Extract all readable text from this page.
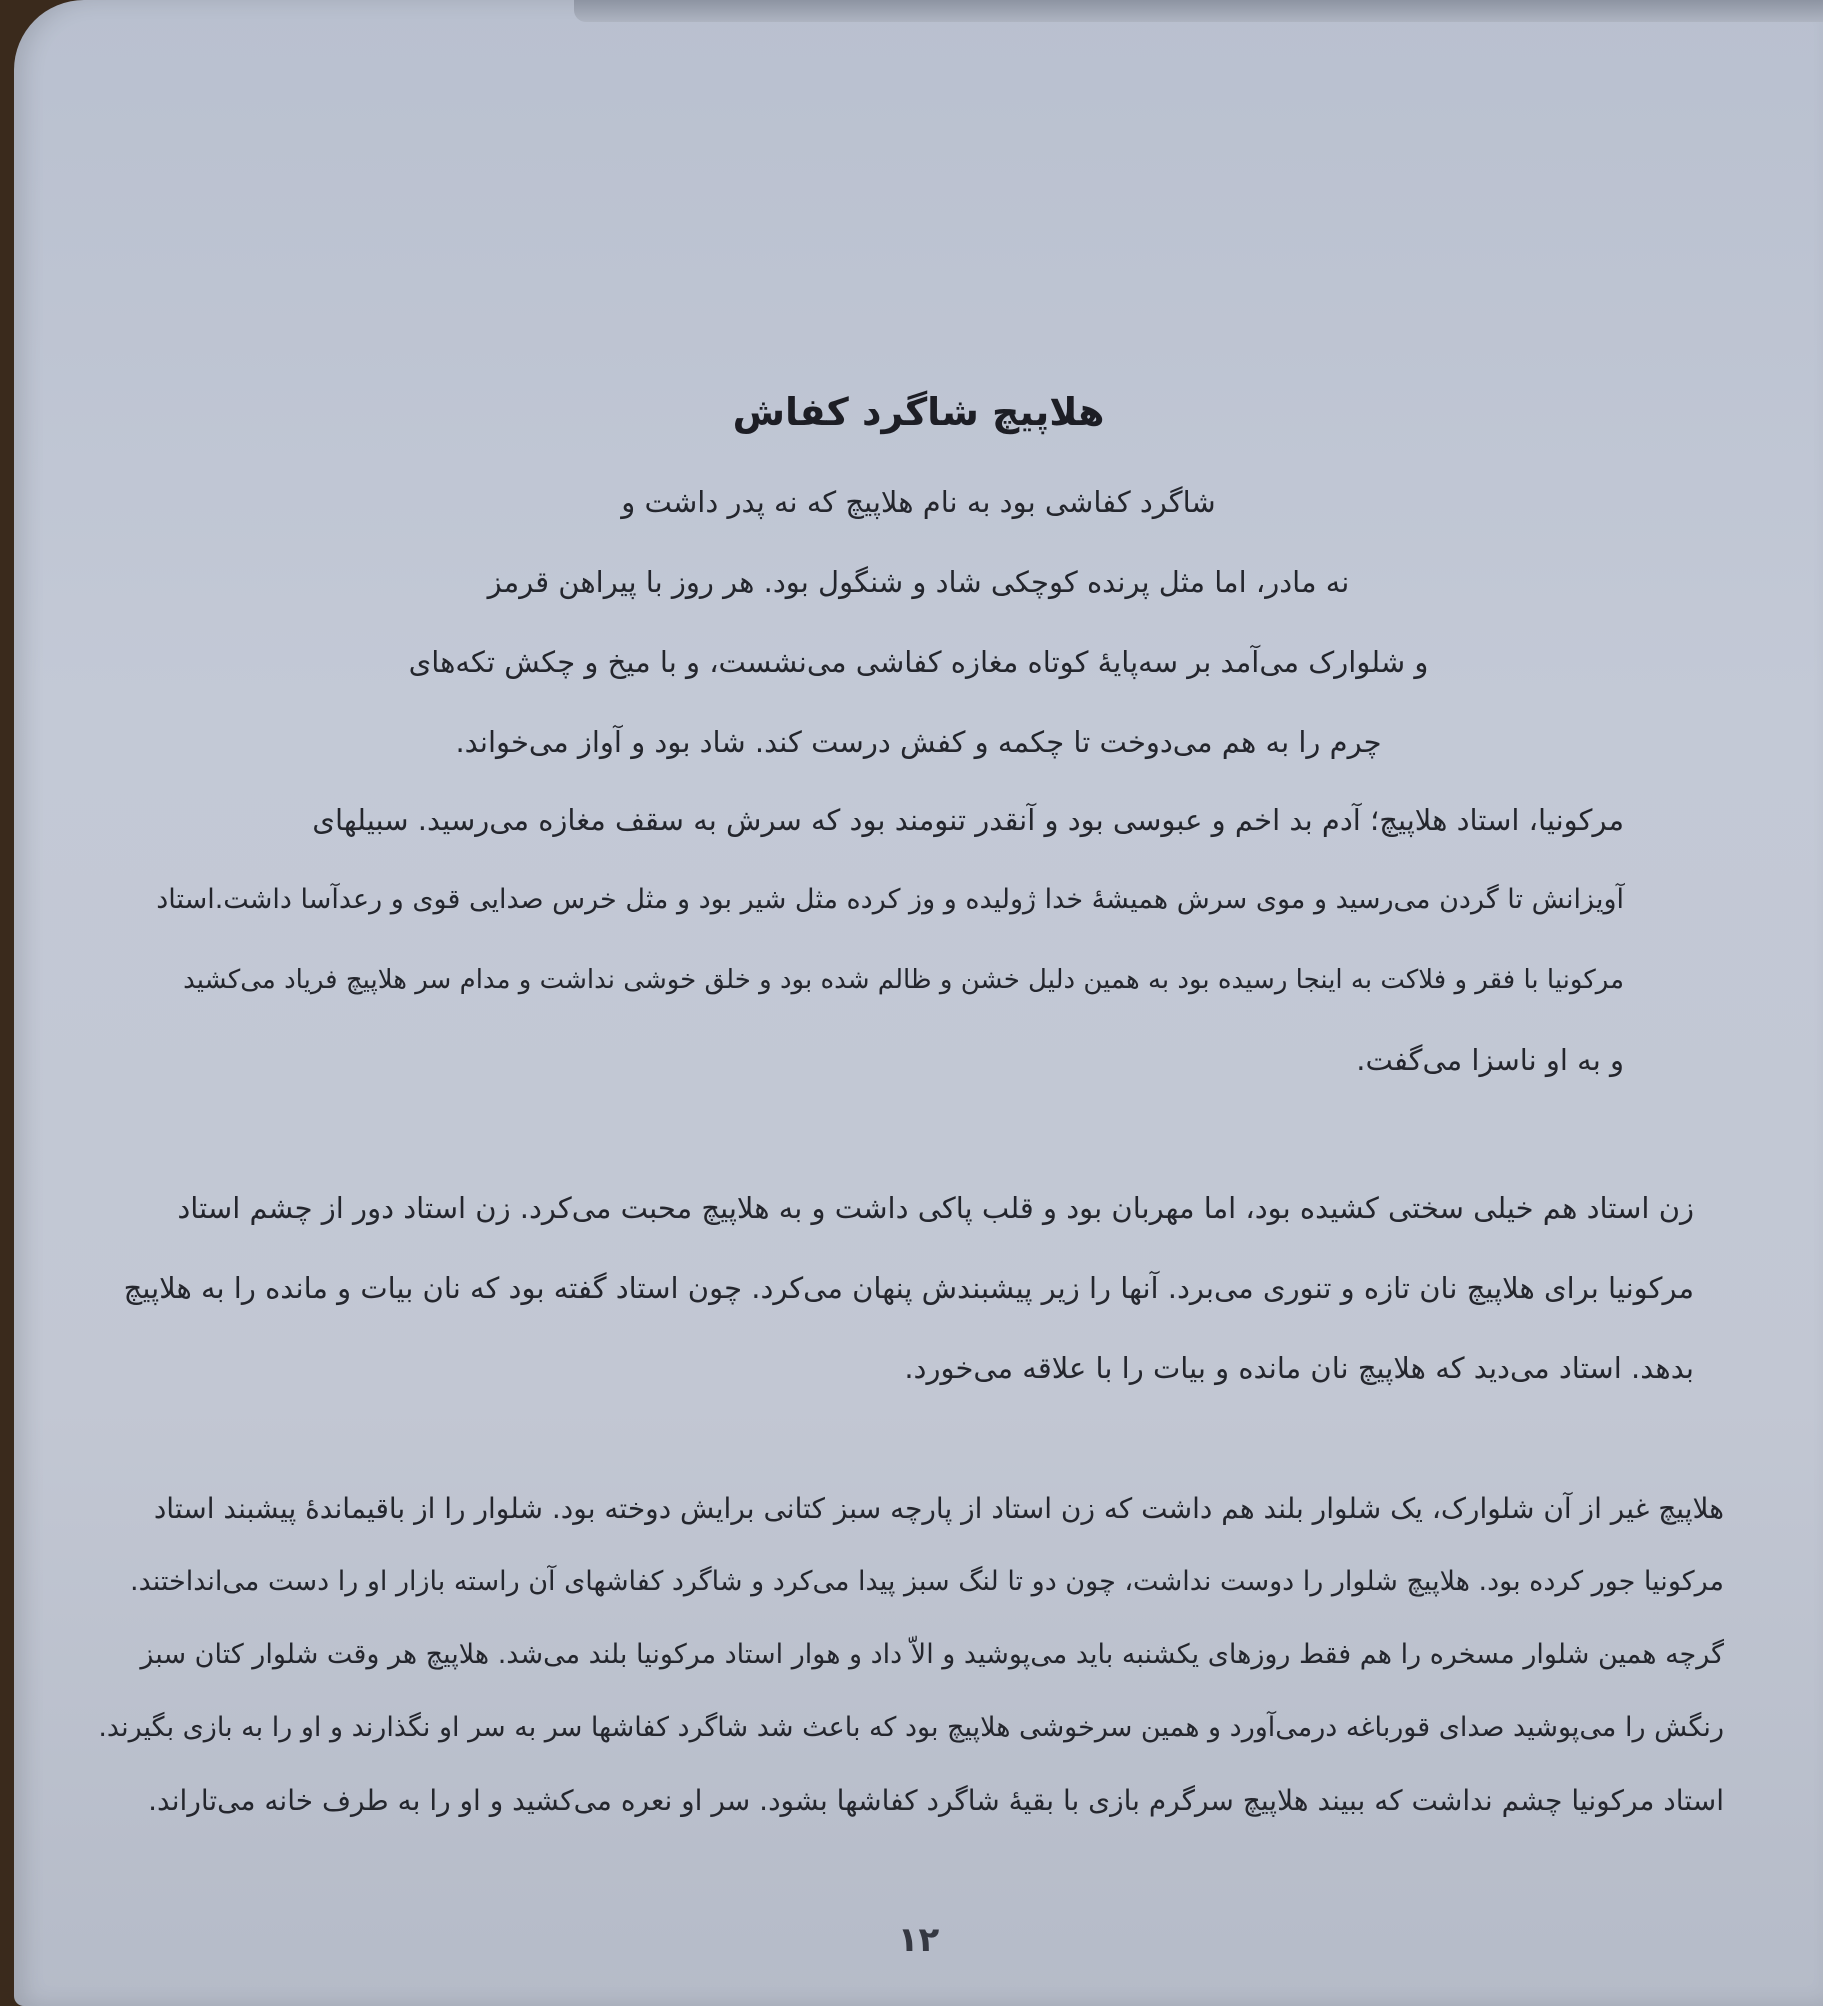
هلاپیچ شاگرد کفاش

شاگرد کفاشی بود به نام هلاپیچ که نه پدر داشت و
نه مادر، اما مثل پرنده کوچکی شاد و شنگول بود. هر روز با پیراهن قرمز
و شلوارک می‌آمد بر سه‌پایهٔ کوتاه مغازه کفاشی می‌نشست، و با میخ و چکش تکه‌های
چرم را به هم می‌دوخت تا چکمه و کفش درست کند. شاد بود و آواز می‌خواند.

مرکونیا، استاد هلاپیچ؛ آدم بد اخم و عبوسی بود و آنقدر تنومند بود که سرش به سقف مغازه می‌رسید. سبیلهای
آویزانش تا گردن می‌رسید و موی سرش همیشهٔ خدا ژولیده و وز کرده مثل شیر بود و مثل خرس صدایی قوی و رعدآسا داشت.استاد
مرکونیا با فقر و فلاکت به اینجا رسیده بود به همین دلیل خشن و ظالم شده بود و خلق خوشی نداشت و مدام سر هلاپیچ فریاد می‌کشید
و به او ناسزا می‌گفت.

زن استاد هم خیلی سختی کشیده بود، اما مهربان بود و قلب پاکی داشت و به هلاپیچ محبت می‌کرد. زن استاد دور از چشم استاد
مرکونیا برای هلاپیچ نان تازه و تنوری می‌برد. آنها را زیر پیشبندش پنهان می‌کرد. چون استاد گفته بود که نان بیات و مانده را به هلاپیچ
بدهد. استاد می‌دید که هلاپیچ نان مانده و بیات را با علاقه می‌خورد.

هلاپیچ غیر از آن شلوارک، یک شلوار بلند هم داشت که زن استاد از پارچه سبز کتانی برایش دوخته بود. شلوار را از باقیماندهٔ پیشبند استاد
مرکونیا جور کرده بود. هلاپیچ شلوار را دوست نداشت، چون دو تا لنگ سبز پیدا می‌کرد و شاگرد کفاشهای آن راسته بازار او را دست می‌انداختند.
گرچه همین شلوار مسخره را هم فقط روزهای یکشنبه باید می‌پوشید و الاّ داد و هوار استاد مرکونیا بلند می‌شد. هلاپیچ هر وقت شلوار کتان سبز
رنگش را می‌پوشید صدای قورباغه درمی‌آورد و همین سرخوشی هلاپیچ بود که باعث شد شاگرد کفاشها سر به سر او نگذارند و او را به بازی بگیرند.
استاد مرکونیا چشم نداشت که ببیند هلاپیچ سرگرم بازی با بقیهٔ شاگرد کفاشها بشود. سر او نعره می‌کشید و او را به طرف خانه می‌تاراند.

۱۲
